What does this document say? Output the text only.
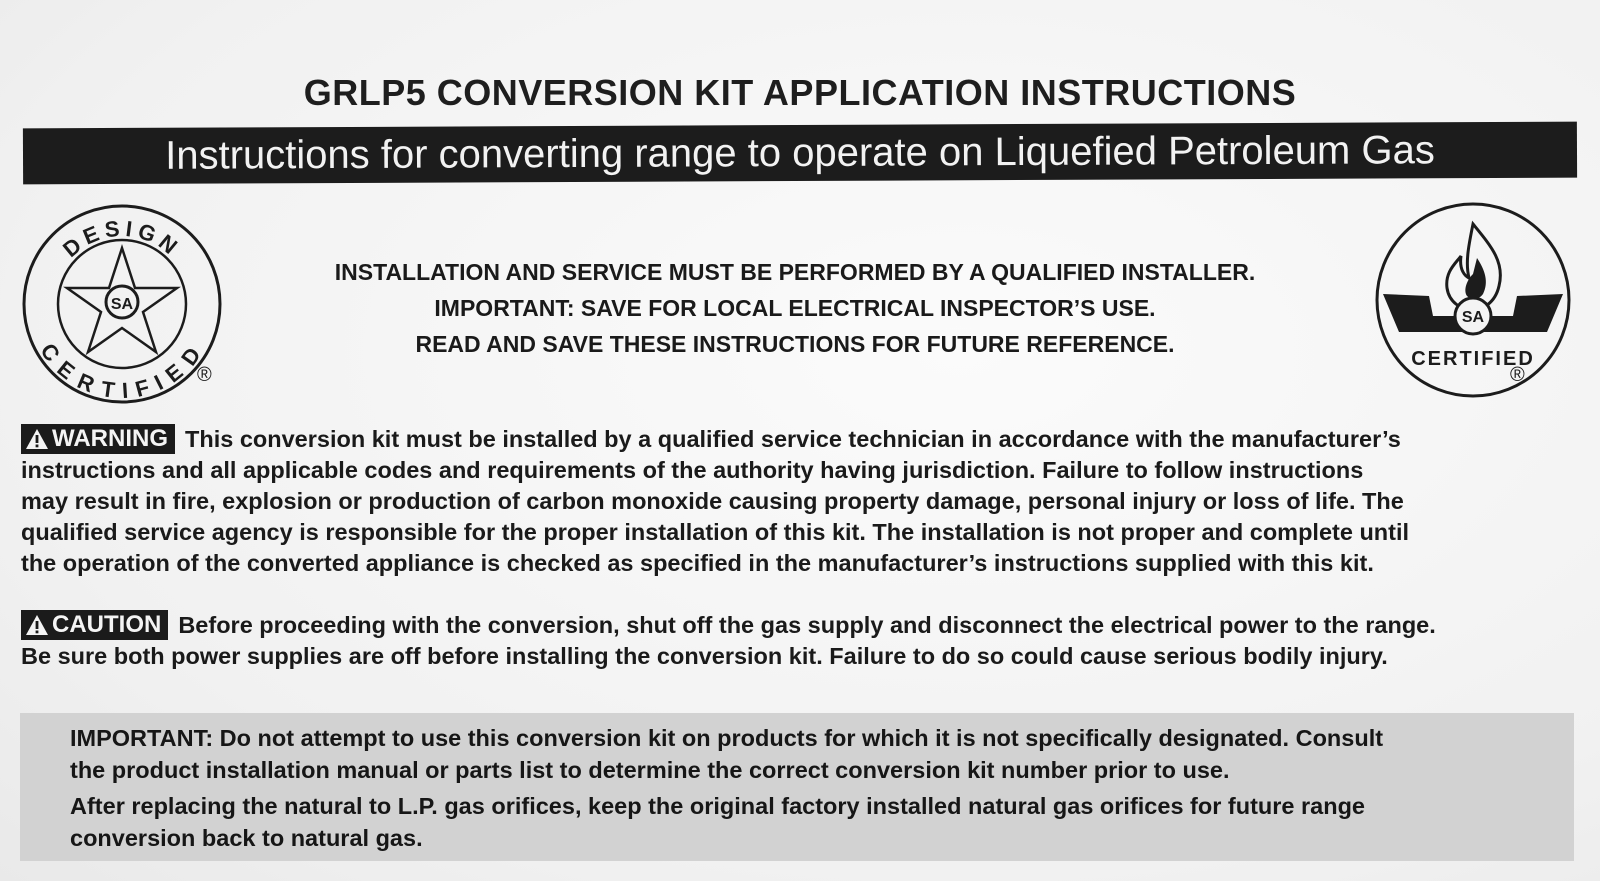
GRLP5 CONVERSION KIT APPLICATION INSTRUCTIONS
Instructions for converting range to operate on Liquefied Petroleum Gas
DESIGN
CERTIFIED
SA
®
SA
CERTIFIED
®
INSTALLATION AND SERVICE MUST BE PERFORMED BY A QUALIFIED INSTALLER.
IMPORTANT: SAVE FOR LOCAL ELECTRICAL INSPECTOR’S USE.
READ AND SAVE THESE INSTRUCTIONS FOR FUTURE REFERENCE.
WARNING This conversion kit must be installed by a qualified service technician in accordance with the manufacturer’s
instructions and all applicable codes and requirements of the authority having jurisdiction. Failure to follow instructions
may result in fire, explosion or production of carbon monoxide causing property damage, personal injury or loss of life. The
qualified service agency is responsible for the proper installation of this kit. The installation is not proper and complete until
the operation of the converted appliance is checked as specified in the manufacturer’s instructions supplied with this kit.
CAUTION Before proceeding with the conversion, shut off the gas supply and disconnect the electrical power to the range.
Be sure both power supplies are off before installing the conversion kit. Failure to do so could cause serious bodily injury.
IMPORTANT: Do not attempt to use this conversion kit on products for which it is not specifically designated. Consult
the product installation manual or parts list to determine the correct conversion kit number prior to use.
After replacing the natural to L.P. gas orifices, keep the original factory installed natural gas orifices for future range
conversion back to natural gas.
